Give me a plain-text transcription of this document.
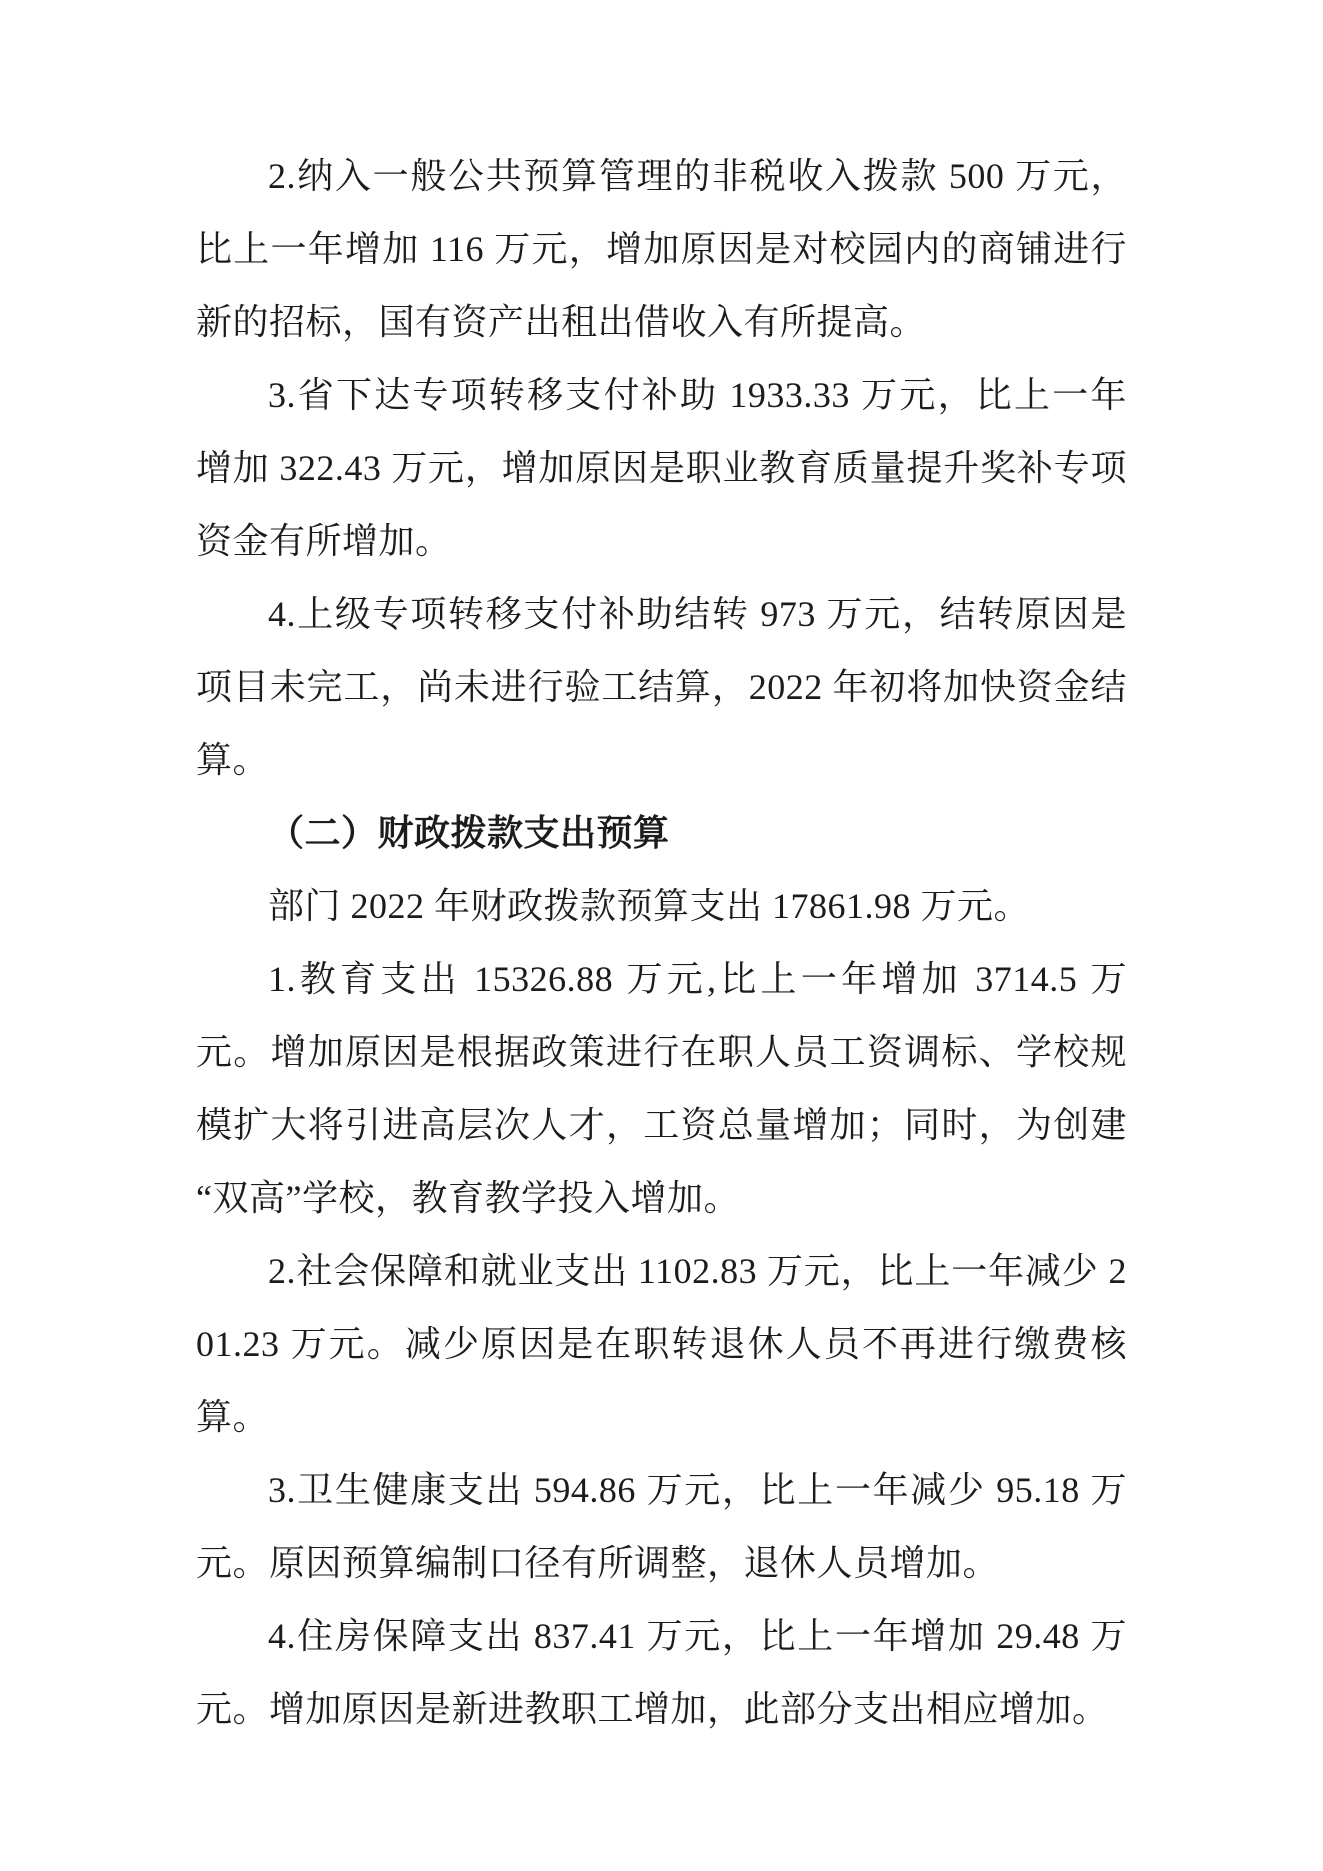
2.纳入一般公共预算管理的非税收入拨款 500 万元，比上一年增加 116 万元，增加原因是对校园内的商铺进行新的招标，国有资产出租出借收入有所提高。

3.省下达专项转移支付补助 1933.33 万元，比上一年增加 322.43 万元，增加原因是职业教育质量提升奖补专项资金有所增加。

4.上级专项转移支付补助结转 973 万元，结转原因是项目未完工，尚未进行验工结算，2022 年初将加快资金结算。

（二）财政拨款支出预算

部门 2022 年财政拨款预算支出 17861.98 万元。

1.教育支出 15326.88 万元,比上一年增加 3714.5 万元。增加原因是根据政策进行在职人员工资调标、学校规模扩大将引进高层次人才，工资总量增加；同时，为创建“双高”学校，教育教学投入增加。

2.社会保障和就业支出 1102.83 万元，比上一年减少 201.23 万元。减少原因是在职转退休人员不再进行缴费核算。

3.卫生健康支出 594.86 万元，比上一年减少 95.18 万元。原因预算编制口径有所调整，退休人员增加。

4.住房保障支出 837.41 万元，比上一年增加 29.48 万元。增加原因是新进教职工增加，此部分支出相应增加。
